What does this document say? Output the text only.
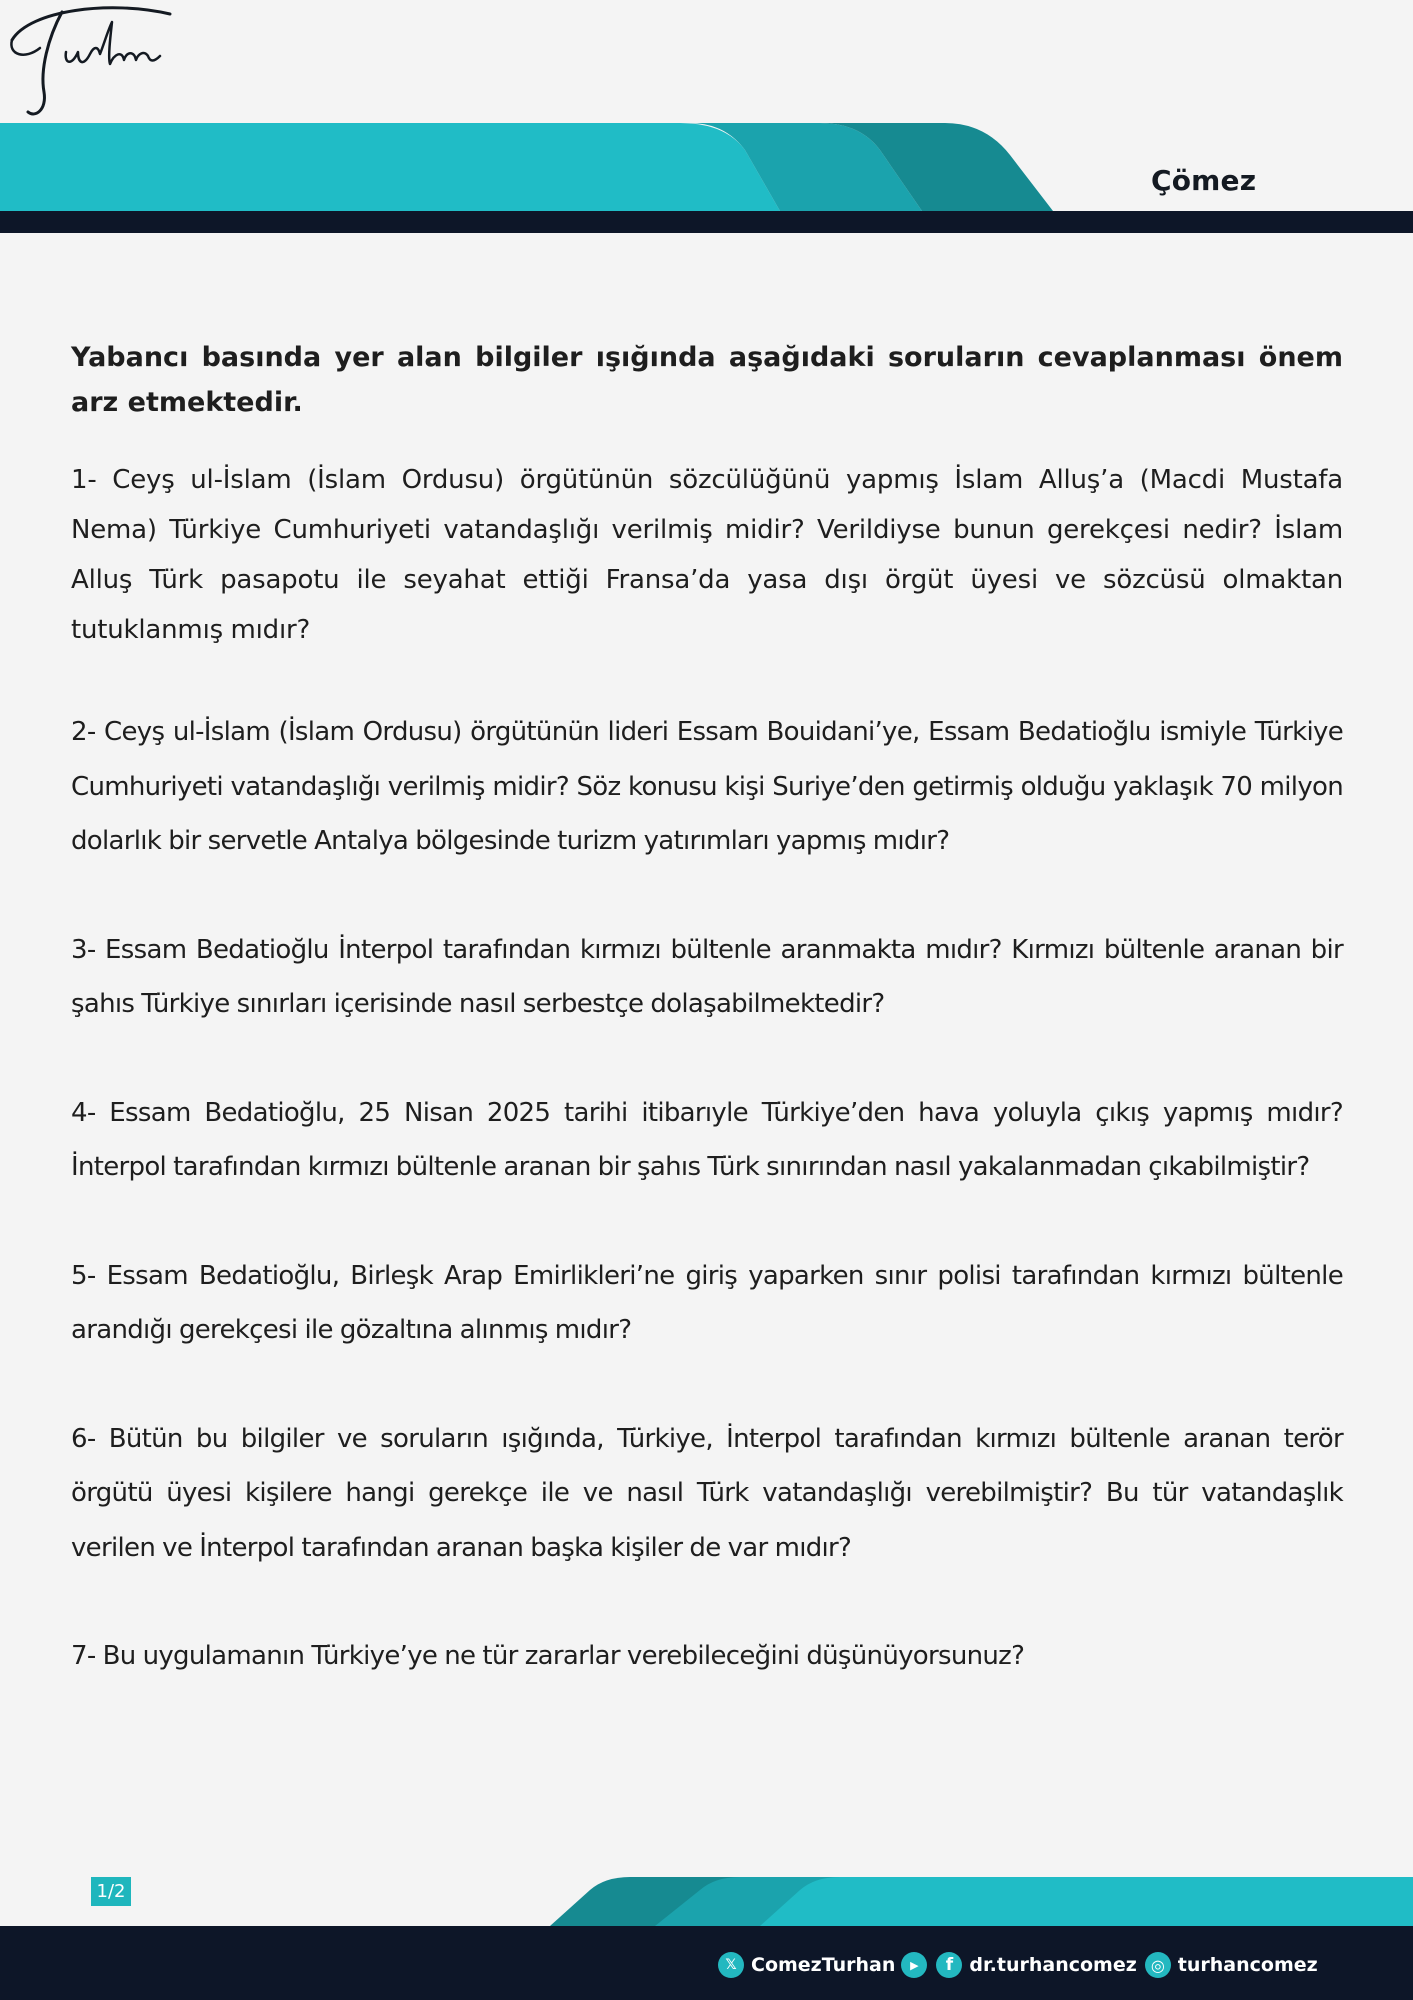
Çömez

Yabancı basında yer alan bilgiler ışığında aşağıdaki soruların cevaplanması önem arz etmektedir.

1- Ceyş ul-İslam (İslam Ordusu) örgütünün sözcülüğünü yapmış İslam Alluş’a (Macdi Mustafa Nema) Türkiye Cumhuriyeti vatandaşlığı verilmiş midir? Verildiyse bunun gerekçesi nedir? İslam Alluş Türk pasapotu ile seyahat ettiği Fransa’da yasa dışı örgüt üyesi ve sözcüsü olmaktan tutuklanmış mıdır?

2- Ceyş ul-İslam (İslam Ordusu) örgütünün lideri Essam Bouidani’ye, Essam Bedatioğlu ismiyle Türkiye Cumhuriyeti vatandaşlığı verilmiş midir? Söz konusu kişi Suriye’den getirmiş olduğu yaklaşık 70 milyon dolarlık bir servetle Antalya bölgesinde turizm yatırımları yapmış mıdır?

3- Essam Bedatioğlu İnterpol tarafından kırmızı bültenle aranmakta mıdır? Kırmızı bültenle aranan bir şahıs Türkiye sınırları içerisinde nasıl serbestçe dolaşabilmektedir?

4- Essam Bedatioğlu, 25 Nisan 2025 tarihi itibarıyle Türkiye’den hava yoluyla çıkış yapmış mıdır? İnterpol tarafından kırmızı bültenle aranan bir şahıs Türk sınırından nasıl yakalanmadan çıkabilmiştir?

5- Essam Bedatioğlu, Birleşk Arap Emirlikleri’ne giriş yaparken sınır polisi tarafından kırmızı bültenle arandığı gerekçesi ile gözaltına alınmış mıdır?

6- Bütün bu bilgiler ve soruların ışığında, Türkiye, İnterpol tarafından kırmızı bültenle aranan terör örgütü üyesi kişilere hangi gerekçe ile ve nasıl Türk vatandaşlığı verebilmiştir? Bu tür vatandaşlık verilen ve İnterpol tarafından aranan başka kişiler de var mıdır?

7- Bu uygulamanın Türkiye’ye ne tür zararlar verebileceğini düşünüyorsunuz?

1/2
𝕏 ComezTurhan	▶	f dr.turhancomez ◎ turhancomez
